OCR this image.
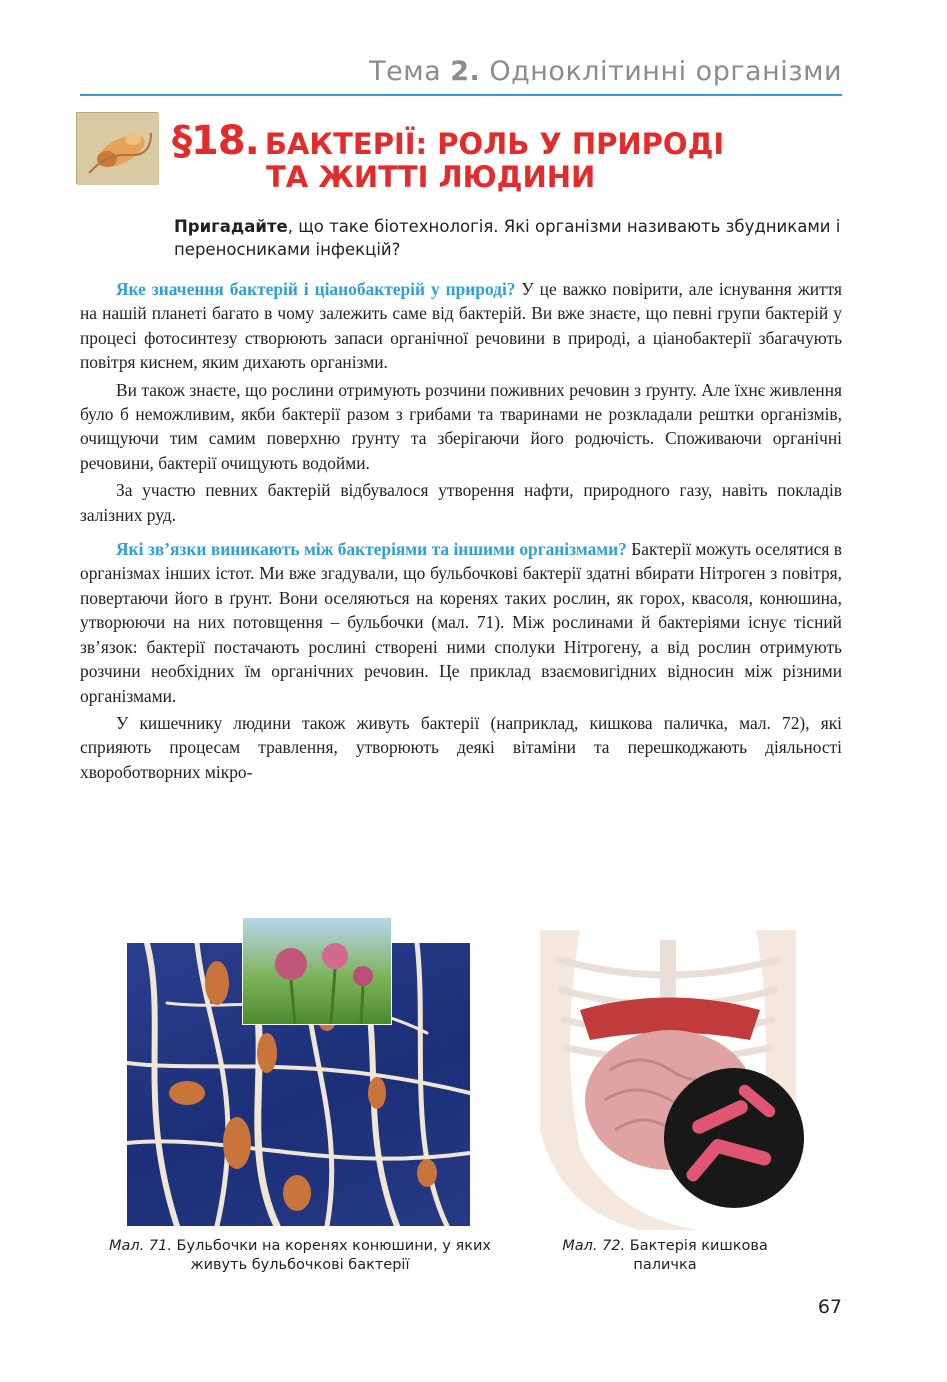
Тема 2. Одноклітинні організми
§18. БАКТЕРІЇ: РОЛЬ У ПРИРОДІ
ТА ЖИТТІ ЛЮДИНИ
Пригадайте, що таке біотехнологія. Які організми називають збудниками і переносниками інфекцій?

Яке значення бактерій і ціанобактерій у природі? У це важко повірити, але існування життя на нашій планеті багато в чому залежить саме від бактерій. Ви вже знаєте, що певні групи бактерій у процесі фотосинтезу створюють запаси органічної речовини в природі, а ціанобактерії збагачують повітря киснем, яким дихають організми.

Ви також знаєте, що рослини отримують розчини поживних речовин з ґрунту. Але їхнє живлення було б неможливим, якби бактерії разом з грибами та тваринами не розкладали рештки організмів, очищуючи тим самим поверхню ґрунту та зберігаючи його родючість. Споживаючи органічні речовини, бактерії очищують водойми.

За участю певних бактерій відбувалося утворення нафти, природного газу, навіть покладів залізних руд.

Які зв’язки виникають між бактеріями та іншими організмами? Бактерії можуть оселятися в організмах інших істот. Ми вже згадували, що бульбочкові бактерії здатні вбирати Нітроген з повітря, повертаючи його в ґрунт. Вони оселяються на коренях таких рослин, як горох, квасоля, конюшина, утворюючи на них потовщення – бульбочки (мал. 71). Між рослинами й бактеріями існує тісний зв’язок: бактерії постачають рослині створені ними сполуки Нітрогену, а від рослин отримують розчини необхідних їм органічних речовин. Це приклад взаємовигідних відносин між різними організмами.

У кишечнику людини також живуть бактерії (наприклад, кишкова паличка, мал. 72), які сприяють процесам травлення, утворюють деякі вітаміни та перешкоджають діяльності хвороботворних мікро-

Мал. 71. Бульбочки на коренях конюшини, у яких живуть бульбочкові бактерії
Мал. 72. Бактерія кишкова паличка
67
